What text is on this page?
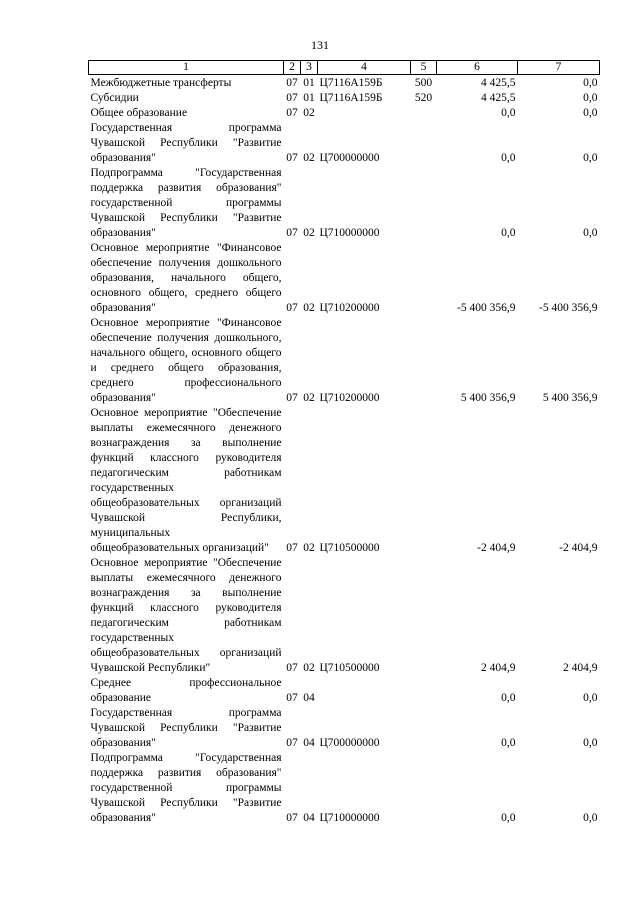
131
1	2	3	4	5	6	7
Межбюджетные трансферты	07	01	Ц7116А159Б	500	4 425,5	0,0
Субсидии	07	01	Ц7116А159Б	520	4 425,5	0,0
Общее образование	07	02			0,0	0,0
Государственная программа Чувашской Республики "Развитие образования"	07	02	Ц700000000		0,0	0,0
Подпрограмма "Государственная поддержка развития образования" государственной программы Чувашской Республики "Развитие образования"	07	02	Ц710000000		0,0	0,0
Основное мероприятие "Финансовое обеспечение получения дошкольного образования, начального общего, основного общего, среднего общего образования"	07	02	Ц710200000		-5 400 356,9	-5 400 356,9
Основное мероприятие "Финансовое обеспечение получения дошкольного, начального общего, основного общего и среднего общего образования, среднего профессионального образования"	07	02	Ц710200000		5 400 356,9	5 400 356,9
Основное мероприятие "Обеспечение выплаты ежемесячного денежного вознаграждения за выполнение функций классного руководителя педагогическим работникам государственных общеобразовательных организаций Чувашской Республики, муниципальных общеобразовательных организаций"	07	02	Ц710500000		-2 404,9	-2 404,9
Основное мероприятие "Обеспечение выплаты ежемесячного денежного вознаграждения за выполнение функций классного руководителя педагогическим работникам государственных общеобразовательных организаций Чувашской Республики"	07	02	Ц710500000		2 404,9	2 404,9
Среднее профессиональное образование	07	04			0,0	0,0
Государственная программа Чувашской Республики "Развитие образования"	07	04	Ц700000000		0,0	0,0
Подпрограмма "Государственная поддержка развития образования" государственной программы Чувашской Республики "Развитие образования"	07	04	Ц710000000		0,0	0,0
